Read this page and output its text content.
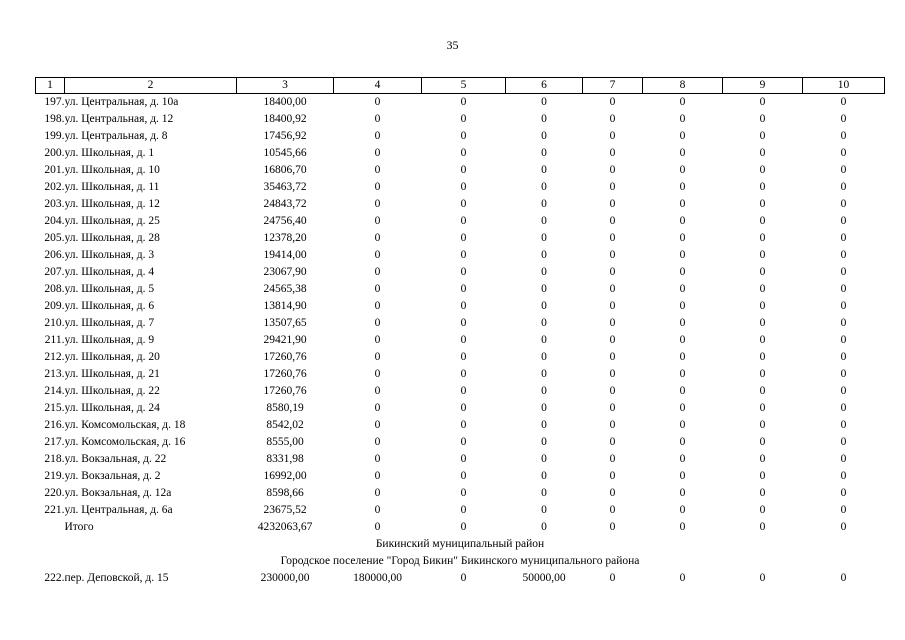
35
1	2	3	4	5	6	7	8	9	10
197.	ул. Центральная, д. 10а	18400,00	0	0	0	0	0	0	0
198.	ул. Центральная, д. 12	18400,92	0	0	0	0	0	0	0
199.	ул. Центральная, д. 8	17456,92	0	0	0	0	0	0	0
200.	ул. Школьная, д. 1	10545,66	0	0	0	0	0	0	0
201.	ул. Школьная, д. 10	16806,70	0	0	0	0	0	0	0
202.	ул. Школьная, д. 11	35463,72	0	0	0	0	0	0	0
203.	ул. Школьная, д. 12	24843,72	0	0	0	0	0	0	0
204.	ул. Школьная, д. 25	24756,40	0	0	0	0	0	0	0
205.	ул. Школьная, д. 28	12378,20	0	0	0	0	0	0	0
206.	ул. Школьная, д. 3	19414,00	0	0	0	0	0	0	0
207.	ул. Школьная, д. 4	23067,90	0	0	0	0	0	0	0
208.	ул. Школьная, д. 5	24565,38	0	0	0	0	0	0	0
209.	ул. Школьная, д. 6	13814,90	0	0	0	0	0	0	0
210.	ул. Школьная, д. 7	13507,65	0	0	0	0	0	0	0
211.	ул. Школьная, д. 9	29421,90	0	0	0	0	0	0	0
212.	ул. Школьная, д. 20	17260,76	0	0	0	0	0	0	0
213.	ул. Школьная, д. 21	17260,76	0	0	0	0	0	0	0
214.	ул. Школьная, д. 22	17260,76	0	0	0	0	0	0	0
215.	ул. Школьная, д. 24	8580,19	0	0	0	0	0	0	0
216.	ул. Комсомольская, д. 18	8542,02	0	0	0	0	0	0	0
217.	ул. Комсомольская, д. 16	8555,00	0	0	0	0	0	0	0
218.	ул. Вокзальная, д. 22	8331,98	0	0	0	0	0	0	0
219.	ул. Вокзальная, д. 2	16992,00	0	0	0	0	0	0	0
220.	ул. Вокзальная, д. 12а	8598,66	0	0	0	0	0	0	0
221.	ул. Центральная, д. 6а	23675,52	0	0	0	0	0	0	0
	Итого	4232063,67	0	0	0	0	0	0	0
Бикинский муниципальный район									
Городское поселение "Город Бикин" Бикинского муниципального района									
222.	пер. Деповской, д. 15	230000,00	180000,00	0	50000,00	0	0	0	0
